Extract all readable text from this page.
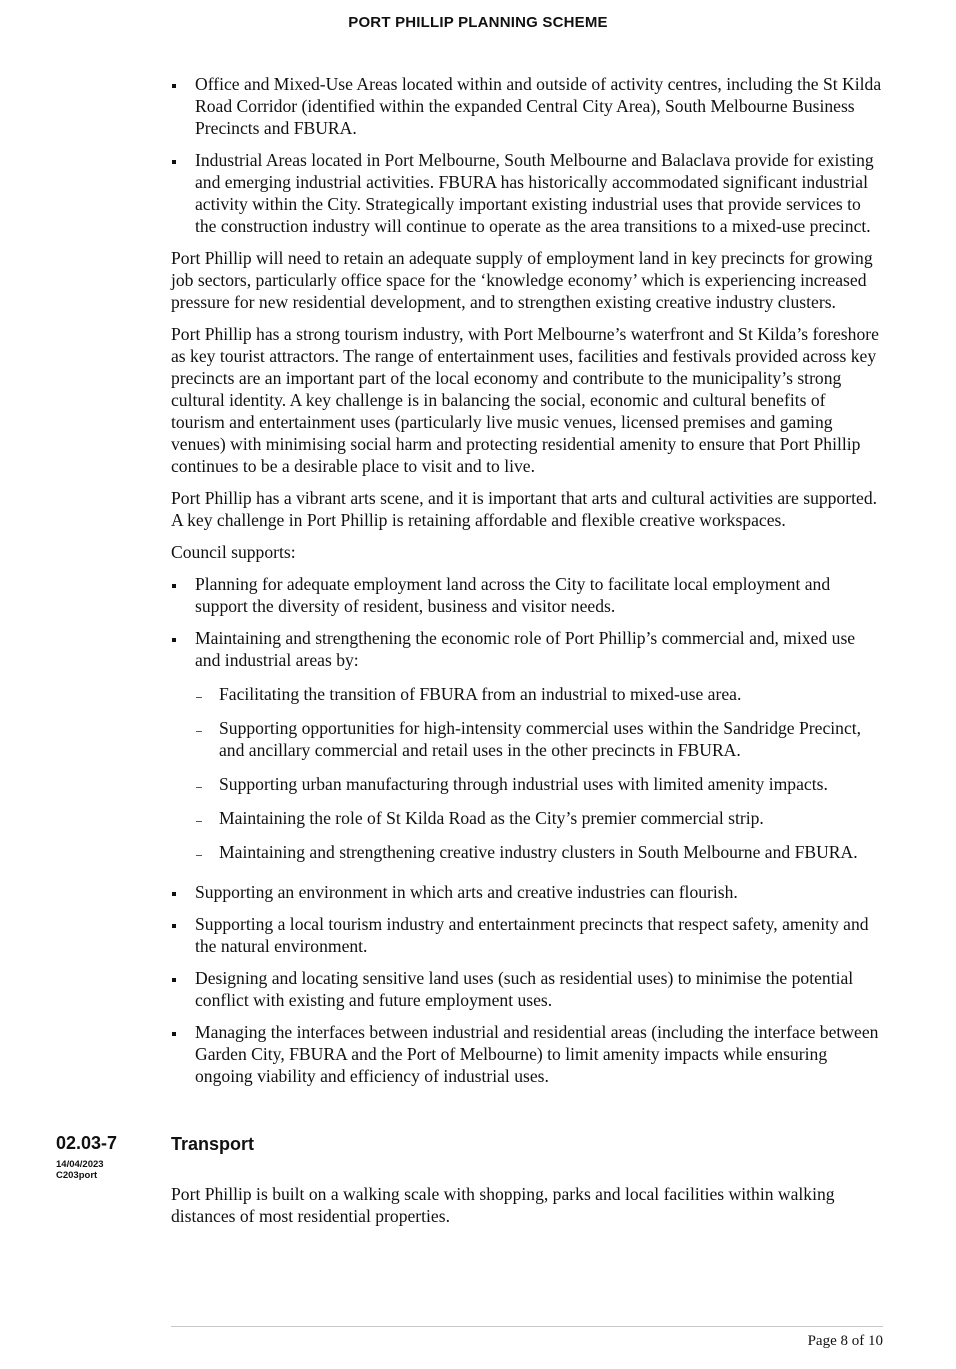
PORT PHILLIP PLANNING SCHEME
Office and Mixed-Use Areas located within and outside of activity centres, including the St Kilda Road Corridor (identified within the expanded Central City Area), South Melbourne Business Precincts and FBURA.
Industrial Areas located in Port Melbourne, South Melbourne and Balaclava provide for existing and emerging industrial activities. FBURA has historically accommodated significant industrial activity within the City. Strategically important existing industrial uses that provide services to the construction industry will continue to operate as the area transitions to a mixed-use precinct.

Port Phillip will need to retain an adequate supply of employment land in key precincts for growing job sectors, particularly office space for the ‘knowledge economy’ which is experiencing increased pressure for new residential development, and to strengthen existing creative industry clusters.

Port Phillip has a strong tourism industry, with Port Melbourne’s waterfront and St Kilda’s foreshore as key tourist attractors. The range of entertainment uses, facilities and festivals provided across key precincts are an important part of the local economy and contribute to the municipality’s strong cultural identity. A key challenge is in balancing the social, economic and cultural benefits of tourism and entertainment uses (particularly live music venues, licensed premises and gaming venues) with minimising social harm and protecting residential amenity to ensure that Port Phillip continues to be a desirable place to visit and to live.

Port Phillip has a vibrant arts scene, and it is important that arts and cultural activities are supported. A key challenge in Port Phillip is retaining affordable and flexible creative workspaces.

Council supports:

Planning for adequate employment land across the City to facilitate local employment and support the diversity of resident, business and visitor needs.
Maintaining and strengthening the economic role of Port Phillip’s commercial and, mixed use and industrial areas by:
Facilitating the transition of FBURA from an industrial to mixed-use area.
Supporting opportunities for high-intensity commercial uses within the Sandridge Precinct, and ancillary commercial and retail uses in the other precincts in FBURA.
Supporting urban manufacturing through industrial uses with limited amenity impacts.
Maintaining the role of St Kilda Road as the City’s premier commercial strip.
Maintaining and strengthening creative industry clusters in South Melbourne and FBURA.
Supporting an environment in which arts and creative industries can flourish.
Supporting a local tourism industry and entertainment precincts that respect safety, amenity and the natural environment.
Designing and locating sensitive land uses (such as residential uses) to minimise the potential conflict with existing and future employment uses.
Managing the interfaces between industrial and residential areas (including the interface between Garden City, FBURA and the Port of Melbourne) to limit amenity impacts while ensuring ongoing viability and efficiency of industrial uses.
02.03-7
14/04/2023
C203port
Transport

Port Phillip is built on a walking scale with shopping, parks and local facilities within walking distances of most residential properties.

Page 8 of 10
